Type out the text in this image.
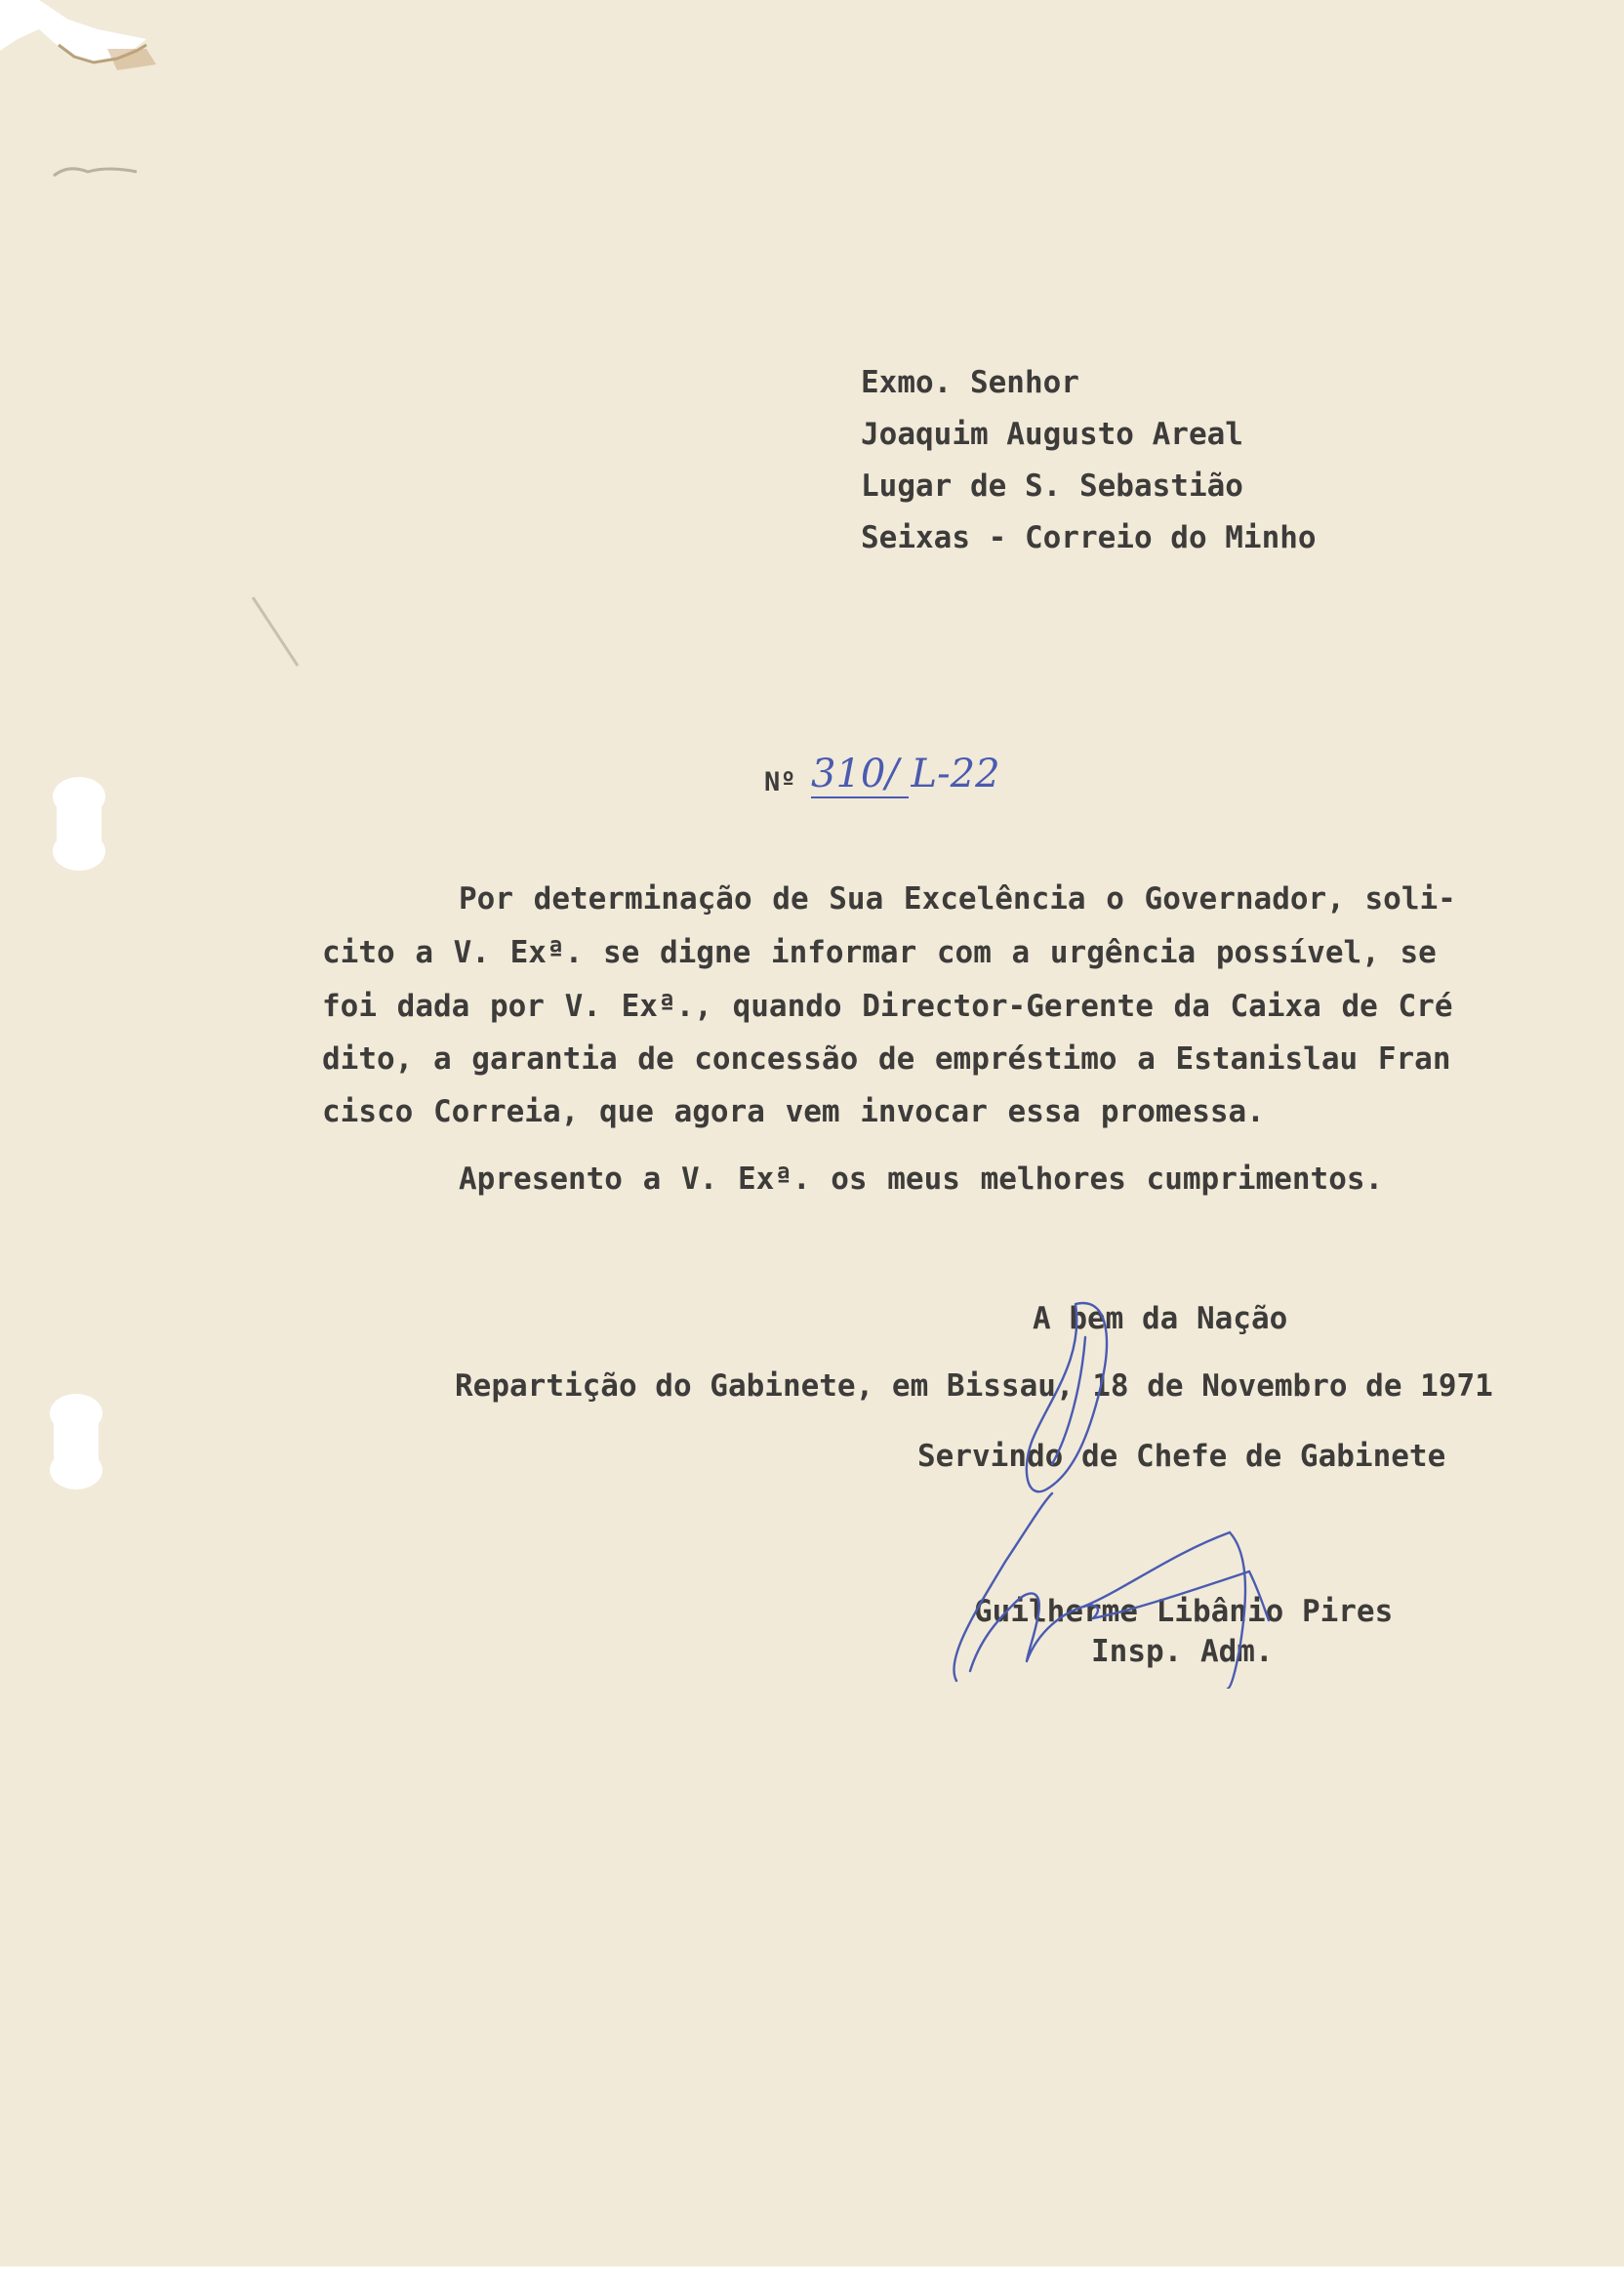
Exmo. Senhor
Joaquim Augusto Areal
Lugar de S. Sebastião
Seixas - Correio do Minho
Nº 310/ L-22
Por determinação de Sua Excelência o Governador, soli-
cito a V. Exª. se digne informar com a urgência possível, se
foi dada por V. Exª., quando Director-Gerente da Caixa de Cré
dito, a garantia de concessão de empréstimo a Estanislau Fran
cisco Correia, que agora vem invocar essa promessa.
Apresento a V. Exª. os meus melhores cumprimentos.
A bem da Nação
Repartição do Gabinete, em Bissau, 18 de Novembro de 1971
Servindo de Chefe de Gabinete
Guilherme Libânio Pires
Insp. Adm.
